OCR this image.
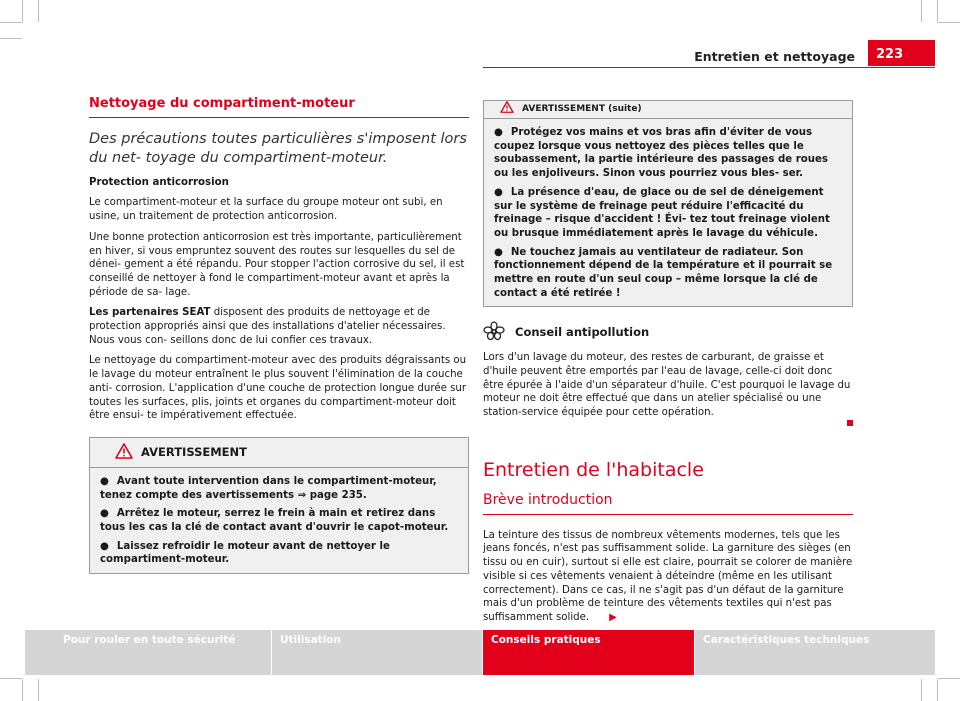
Entretien et nettoyage 223
Nettoyage du compartiment-moteur
Des précautions toutes particulières s'imposent lors du net- toyage du compartiment-moteur.

Protection anticorrosion

Le compartiment-moteur et la surface du groupe moteur ont subi, en usine, un traitement de protection anticorrosion.

Une bonne protection anticorrosion est très importante, particulièrement en hiver, si vous empruntez souvent des routes sur lesquelles du sel de dénei- gement a été répandu. Pour stopper l'action corrosive du sel, il est conseillé de nettoyer à fond le compartiment-moteur avant et après la période de sa- lage.

Les partenaires SEAT disposent des produits de nettoyage et de protection appropriés ainsi que des installations d'atelier nécessaires. Nous vous con- seillons donc de lui confier ces travaux.

Le nettoyage du compartiment-moteur avec des produits dégraissants ou le lavage du moteur entraînent le plus souvent l'élimination de la couche anti- corrosion. L'application d'une couche de protection longue durée sur toutes les surfaces, plis, joints et organes du compartiment-moteur doit être ensui- te impérativement effectuée.

AVERTISSEMENT
● Avant toute intervention dans le compartiment-moteur, tenez compte des avertissements ⇒ page 235.
● Arrêtez le moteur, serrez le frein à main et retirez dans tous les cas la clé de contact avant d'ouvrir le capot-moteur.
● Laissez refroidir le moteur avant de nettoyer le compartiment-moteur.
AVERTISSEMENT (suite)
● Protégez vos mains et vos bras afin d'éviter de vous coupez lorsque vous nettoyez des pièces telles que le soubassement, la partie intérieure des passages de roues ou les enjoliveurs. Sinon vous pourriez vous bles- ser.
● La présence d'eau, de glace ou de sel de déneigement sur le système de freinage peut réduire l'efficacité du freinage – risque d'accident ! Évi- tez tout freinage violent ou brusque immédiatement après le lavage du véhicule.
● Ne touchez jamais au ventilateur de radiateur. Son fonctionnement dépend de la température et il pourrait se mettre en route d'un seul coup – même lorsque la clé de contact a été retirée !
Conseil antipollution

Lors d'un lavage du moteur, des restes de carburant, de graisse et d'huile peuvent être emportés par l'eau de lavage, celle-ci doit donc être épurée à l'aide d'un séparateur d'huile. C'est pourquoi le lavage du moteur ne doit être effectué que dans un atelier spécialisé ou une station-service équipée pour cette opération.

Entretien de l'habitacle
Brève introduction

La teinture des tissus de nombreux vêtements modernes, tels que les jeans foncés, n'est pas suffisamment solide. La garniture des sièges (en tissu ou en cuir), surtout si elle est claire, pourrait se colorer de manière visible si ces vêtements venaient à déteindre (même en les utilisant correctement). Dans ce cas, il ne s'agit pas d'un défaut de la garniture mais d'un problème de teinture des vêtements textiles qui n'est pas suffisamment solide. ▶

Pour rouler en toute sécurité	Utilisation	Conseils pratiques	Caractéristiques techniques
